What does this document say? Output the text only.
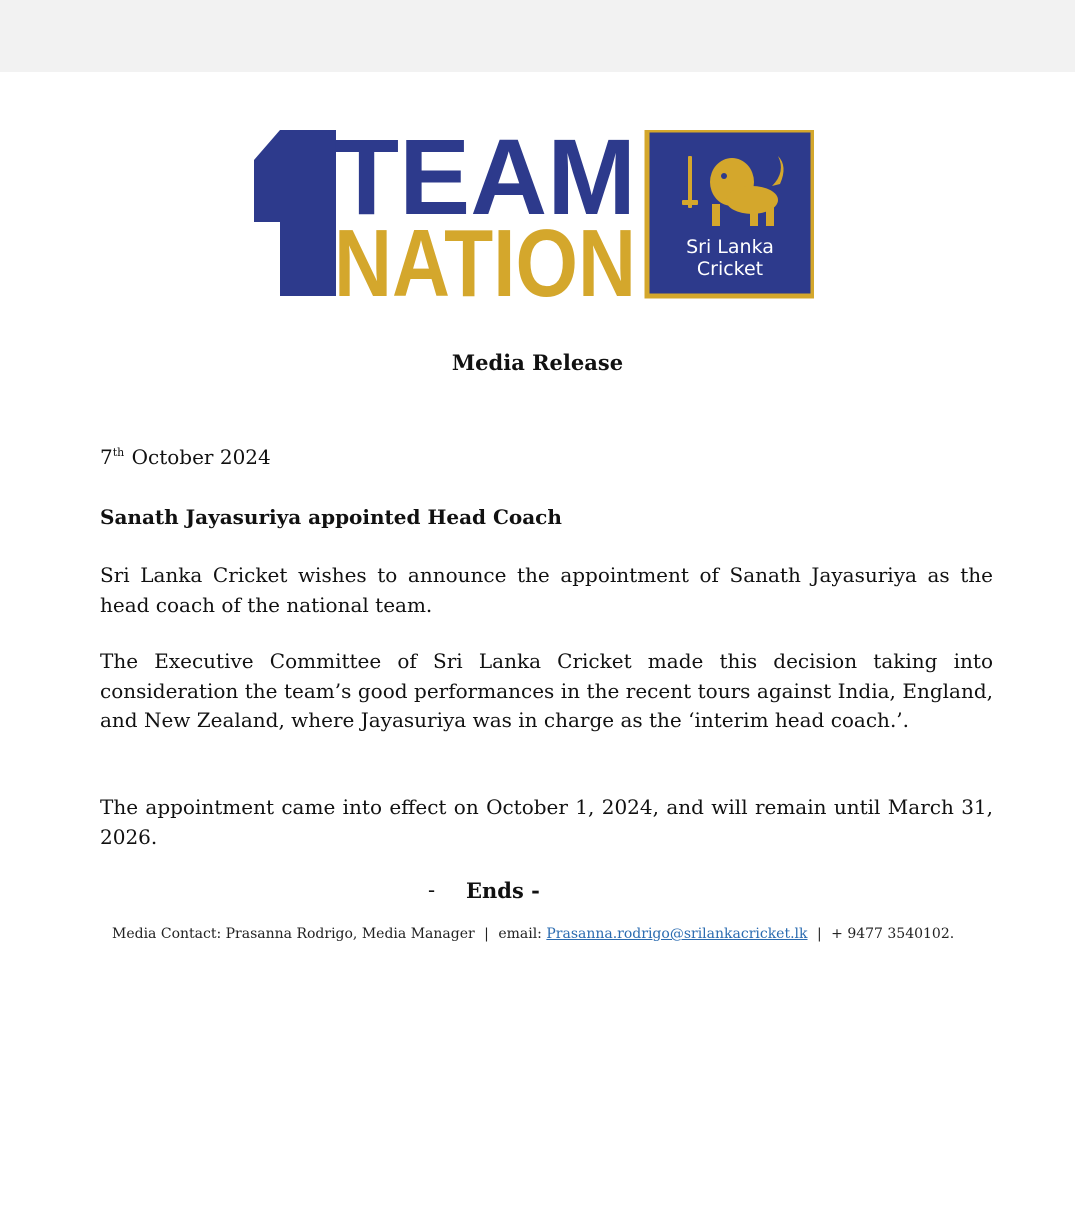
TEAM
NATION	Sri Lanka
Cricket
Media Release
7th October 2024
Sanath Jayasuriya appointed Head Coach
Sri Lanka Cricket wishes to announce the appointment of Sanath Jayasuriya as the head coach of the national team.
The Executive Committee of Sri Lanka Cricket made this decision taking into consideration the team’s good performances in the recent tours against India, England, and New Zealand, where Jayasuriya was in charge as the ‘interim head coach.’.
The appointment came into effect on October 1, 2024, and will remain until March 31, 2026.
- Ends -
Media Contact: Prasanna Rodrigo, Media Manager | email: Prasanna.rodrigo@srilankacricket.lk | + 9477 3540102.
